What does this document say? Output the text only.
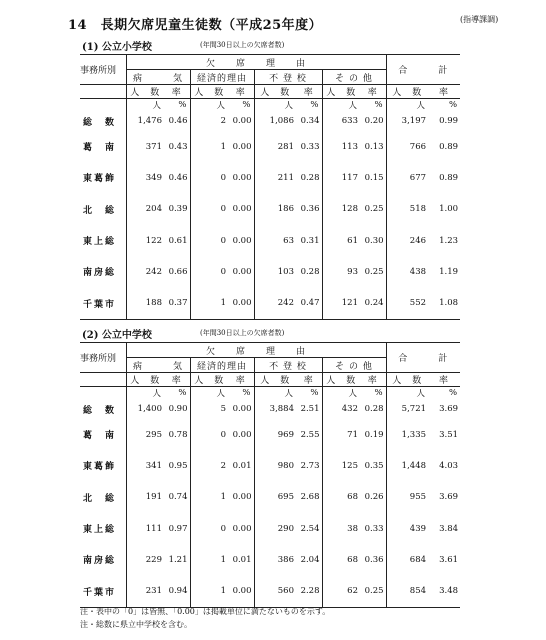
14　長期欠席児童生徒数（平成25年度）	(指導課調)
(1) 公立小学校	(年間30日以上の欠席者数)
事務所別	欠　　席　　理　　由								合　　　計	
	病　　　気		経済的理由		不 登 校		そ の 他			
	人　数	率	人　数	率	人　数	率	人　数	率	人　数	率
	人	%	人	%	人	%	人	%	人	%
総　数	1,476	0.46	2	0.00	1,086	0.34	633	0.20	3,197	0.99
葛　南	371	0.43	1	0.00	281	0.33	113	0.13	766	0.89
東葛飾	349	0.46	0	0.00	211	0.28	117	0.15	677	0.89
北　総	204	0.39	0	0.00	186	0.36	128	0.25	518	1.00
東上総	122	0.61	0	0.00	63	0.31	61	0.30	246	1.23
南房総	242	0.66	0	0.00	103	0.28	93	0.25	438	1.19
千葉市	188	0.37	1	0.00	242	0.47	121	0.24	552	1.08
(2) 公立中学校	(年間30日以上の欠席者数)
事務所別	欠　　席　　理　　由								合　　　計	
	病　　　気		経済的理由		不 登 校		そ の 他			
	人　数	率	人　数	率	人　数	率	人　数	率	人　数	率
	人	%	人	%	人	%	人	%	人	%
総　数	1,400	0.90	5	0.00	3,884	2.51	432	0.28	5,721	3.69
葛　南	295	0.78	0	0.00	969	2.55	71	0.19	1,335	3.51
東葛飾	341	0.95	2	0.01	980	2.73	125	0.35	1,448	4.03
北　総	191	0.74	1	0.00	695	2.68	68	0.26	955	3.69
東上総	111	0.97	0	0.00	290	2.54	38	0.33	439	3.84
南房総	229	1.21	1	0.01	386	2.04	68	0.36	684	3.61
千葉市	231	0.94	1	0.00	560	2.28	62	0.25	854	3.48
注・表中の「0」は皆無、「0.00」は掲載単位に満たないものを示す。
注・総数に県立中学校を含む。
